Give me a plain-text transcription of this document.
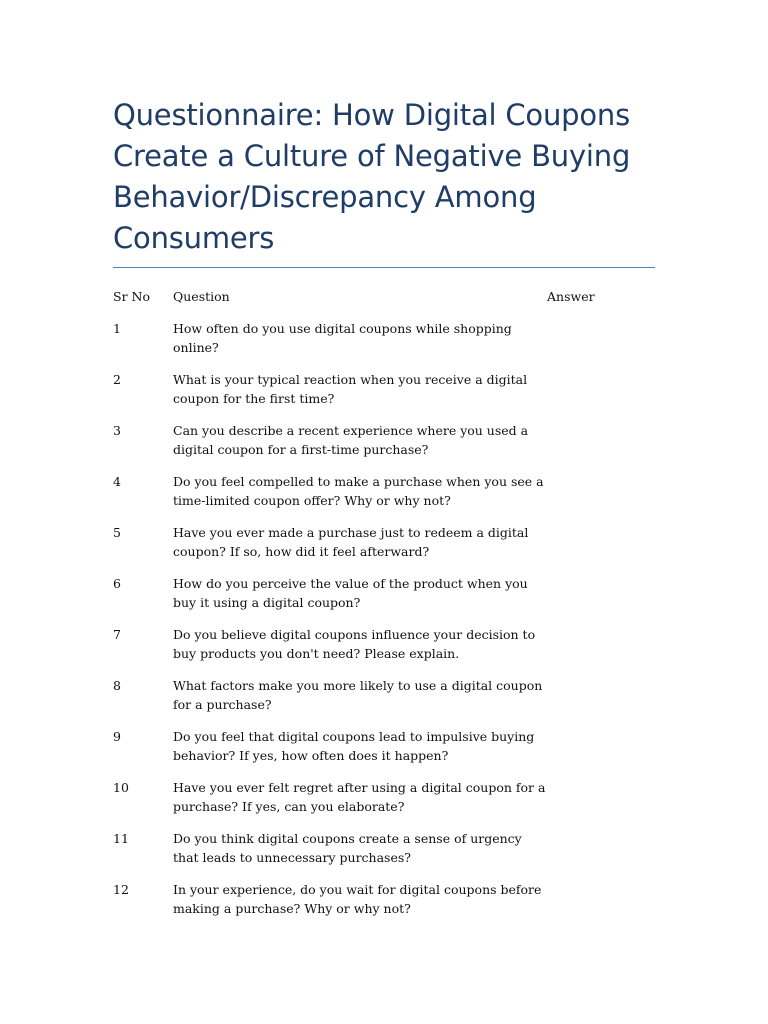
Questionnaire: How Digital Coupons Create a Culture of Negative Buying Behavior/Discrepancy Among Consumers
Sr No	Question	Answer
1	How often do you use digital coupons while shopping online?	
2	What is your typical reaction when you receive a digital coupon for the first time?	
3	Can you describe a recent experience where you used a digital coupon for a first-time purchase?	
4	Do you feel compelled to make a purchase when you see a time-limited coupon offer? Why or why not?	
5	Have you ever made a purchase just to redeem a digital coupon? If so, how did it feel afterward?	
6	How do you perceive the value of the product when you buy it using a digital coupon?	
7	Do you believe digital coupons influence your decision to buy products you don't need? Please explain.	
8	What factors make you more likely to use a digital coupon for a purchase?	
9	Do you feel that digital coupons lead to impulsive buying behavior? If yes, how often does it happen?	
10	Have you ever felt regret after using a digital coupon for a purchase? If yes, can you elaborate?	
11	Do you think digital coupons create a sense of urgency that leads to unnecessary purchases?	
12	In your experience, do you wait for digital coupons before making a purchase? Why or why not?	
